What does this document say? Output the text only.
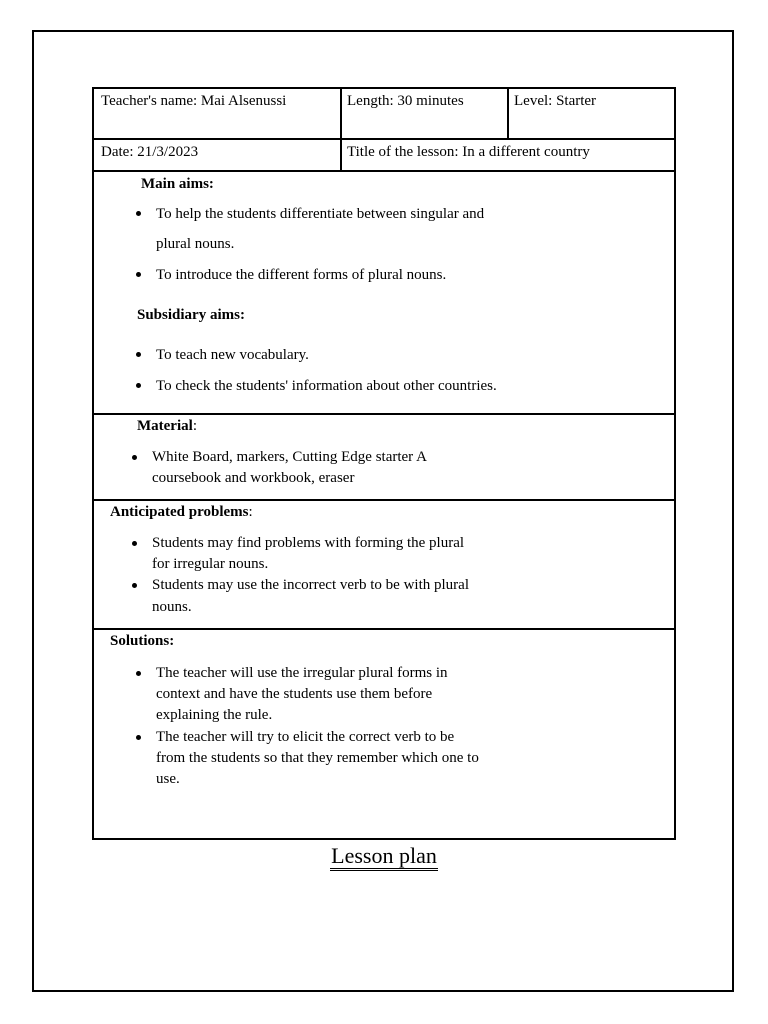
Teacher's name: Mai Alsenussi	Length: 30 minutes	Level: Starter
Date: 21/3/2023	Title of the lesson: In a different country
Main aims:
To help the students differentiate between singular and
plural nouns.
To introduce the different forms of plural nouns.
Subsidiary aims:
To teach new vocabulary.
To check the students' information about other countries.
Material:
White Board, markers, Cutting Edge starter A
coursebook and workbook, eraser
Anticipated problems:
Students may find problems with forming the plural
for irregular nouns.
Students may use the incorrect verb to be with plural
nouns.
Solutions:
The teacher will use the irregular plural forms in
context and have the students use them before
explaining the rule.
The teacher will try to elicit the correct verb to be
from the students so that they remember which one to
use.
Lesson plan
